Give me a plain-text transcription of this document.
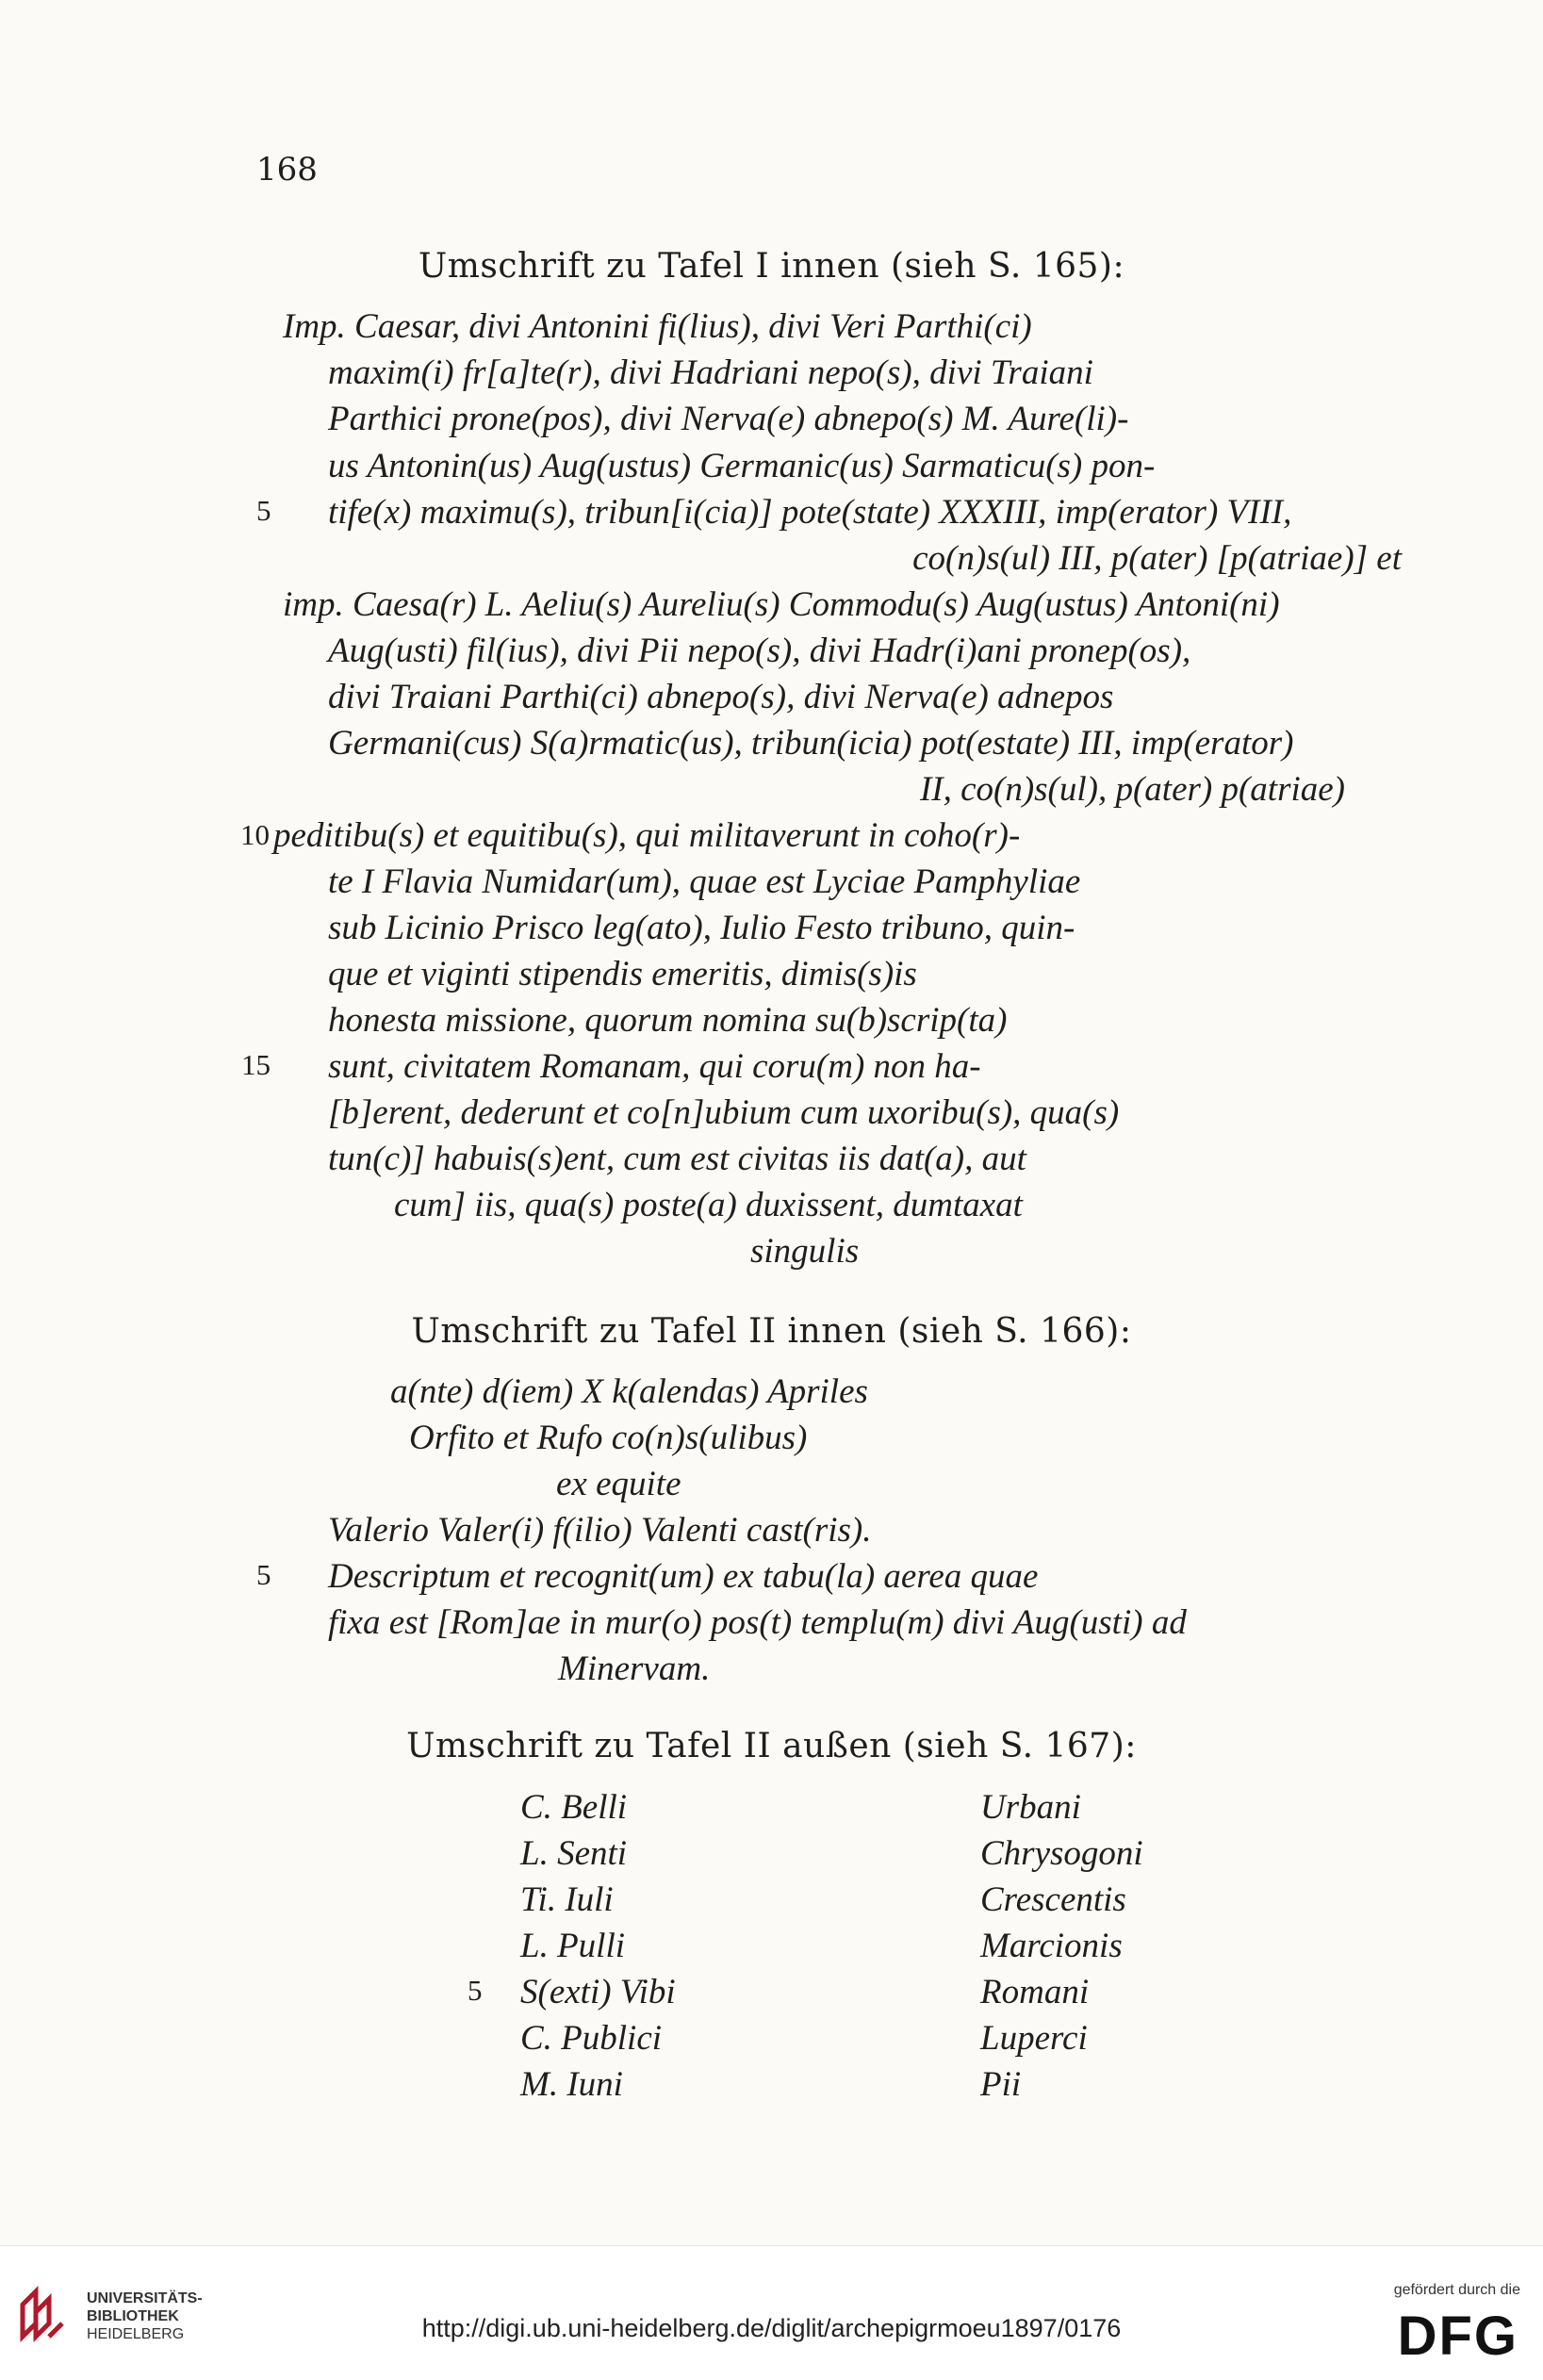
168
Umschrift zu Tafel I innen (sieh S. 165):
Imp. Caesar, divi Antonini fi(lius), divi Veri Parthi(ci)
maxim(i) fr[a]te(r), divi Hadriani nepo(s), divi Traiani
Parthici prone(pos), divi Nerva(e) abnepo(s) M. Aure(li)-
us Antonin(us) Aug(ustus) Germanic(us) Sarmaticu(s) pon-
5 tife(x) maximu(s), tribun[i(cia)] pote(state) XXXIII, imp(erator) VIII,
co(n)s(ul) III, p(ater) [p(atriae)] et
imp. Caesa(r) L. Aeliu(s) Aureliu(s) Commodu(s) Aug(ustus) Antoni(ni)
Aug(usti) fil(ius), divi Pii nepo(s), divi Hadr(i)ani pronep(os),
divi Traiani Parthi(ci) abnepo(s), divi Nerva(e) adnepos
Germani(cus) S(a)rmatic(us), tribun(icia) pot(estate) III, imp(erator)
II, co(n)s(ul), p(ater) p(atriae)
10 peditibu(s) et equitibu(s), qui militaverunt in coho(r)-
te I Flavia Numidar(um), quae est Lyciae Pamphyliae
sub Licinio Prisco leg(ato), Iulio Festo tribuno, quin-
que et viginti stipendis emeritis, dimis(s)is
honesta missione, quorum nomina su(b)scrip(ta)
15 sunt, civitatem Romanam, qui coru(m) non ha-
[b]erent, dederunt et co[n]ubium cum uxoribu(s), qua(s)
tun(c)] habuis(s)ent, cum est civitas iis dat(a), aut
cum] iis, qua(s) poste(a) duxissent, dumtaxat
singulis
Umschrift zu Tafel II innen (sieh S. 166):
a(nte) d(iem) X k(alendas) Apriles
Orfito et Rufo co(n)s(ulibus)
ex equite
Valerio Valer(i) f(ilio) Valenti cast(ris).
5 Descriptum et recognit(um) ex tabu(la) aerea quae
fixa est [Rom]ae in mur(o) pos(t) templu(m) divi Aug(usti) ad
Minervam.
Umschrift zu Tafel II außen (sieh S. 167):
C. Belli	Urbani
L. Senti	Chrysogoni
Ti. Iuli	Crescentis
L. Pulli	Marcionis
5 S(exti) Vibi	Romani
C. Publici	Luperci
M. Iuni	Pii
UNIVERSITÄTS-
BIBLIOTHEK
HEIDELBERG	http://digi.ub.uni-heidelberg.de/diglit/archepigrmoeu1897/0176
gefördert durch die
DFG
